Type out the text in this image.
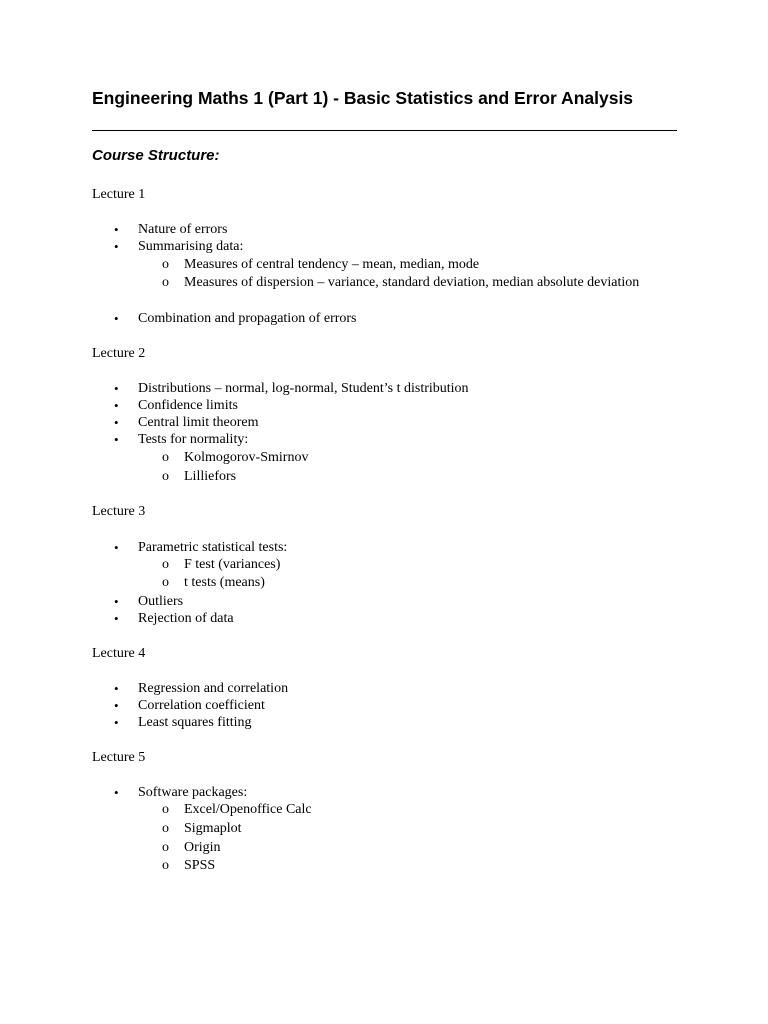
Engineering Maths 1 (Part 1) - Basic Statistics and Error Analysis
Course Structure:
Lecture 1
• Nature of errors
• Summarising data:
o Measures of central tendency – mean, median, mode
o Measures of dispersion – variance, standard deviation, median absolute deviation
• Combination and propagation of errors
Lecture 2
• Distributions – normal, log-normal, Student’s t distribution
• Confidence limits
• Central limit theorem
• Tests for normality:
o Kolmogorov-Smirnov
o Lilliefors
Lecture 3
• Parametric statistical tests:
o F test (variances)
o t tests (means)
• Outliers
• Rejection of data
Lecture 4
• Regression and correlation
• Correlation coefficient
• Least squares fitting
Lecture 5
• Software packages:
o Excel/Openoffice Calc
o Sigmaplot
o Origin
o SPSS
